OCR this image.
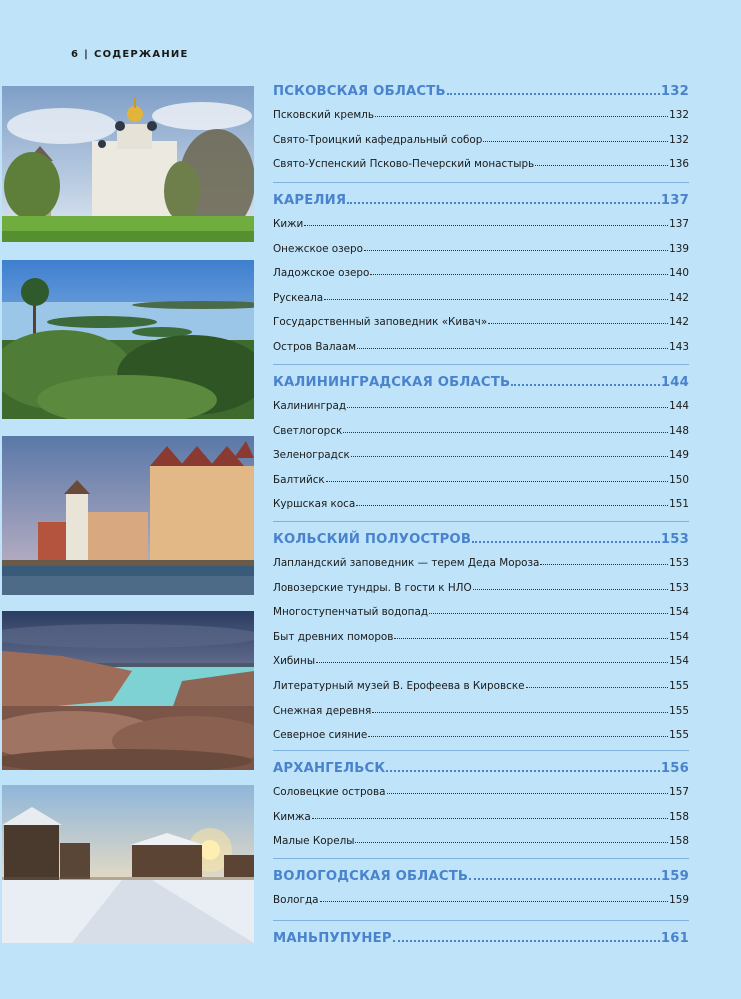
6 | СОДЕРЖАНИЕ
ПСКОВСКАЯ ОБЛАСТЬ	132
Псковский кремль	132
Свято-Троицкий кафедральный собор	132
Свято-Успенский Псково-Печерский монастырь	136
КАРЕЛИЯ	137
Кижи	137
Онежское озеро	139
Ладожское озеро	140
Рускеала	142
Государственный заповедник «Кивач»	142
Остров Валаам	143
КАЛИНИНГРАДСКАЯ ОБЛАСТЬ	144
Калининград	144
Светлогорск	148
Зеленоградск	149
Балтийск	150
Куршская коса	151
КОЛЬСКИЙ ПОЛУОСТРОВ	153
Лапландский заповедник — терем Деда Мороза	153
Ловозерские тундры. В гости к НЛО	153
Многоступенчатый водопад	154
Быт древних поморов	154
Хибины	154
Литературный музей В. Ерофеева в Кировске	155
Снежная деревня	155
Северное сияние	155
АРХАНГЕЛЬСК	156
Соловецкие острова	157
Кимжа	158
Малые Корелы	158
ВОЛОГОДСКАЯ ОБЛАСТЬ	159
Вологда	159
МАНЬПУПУНЕР	161
